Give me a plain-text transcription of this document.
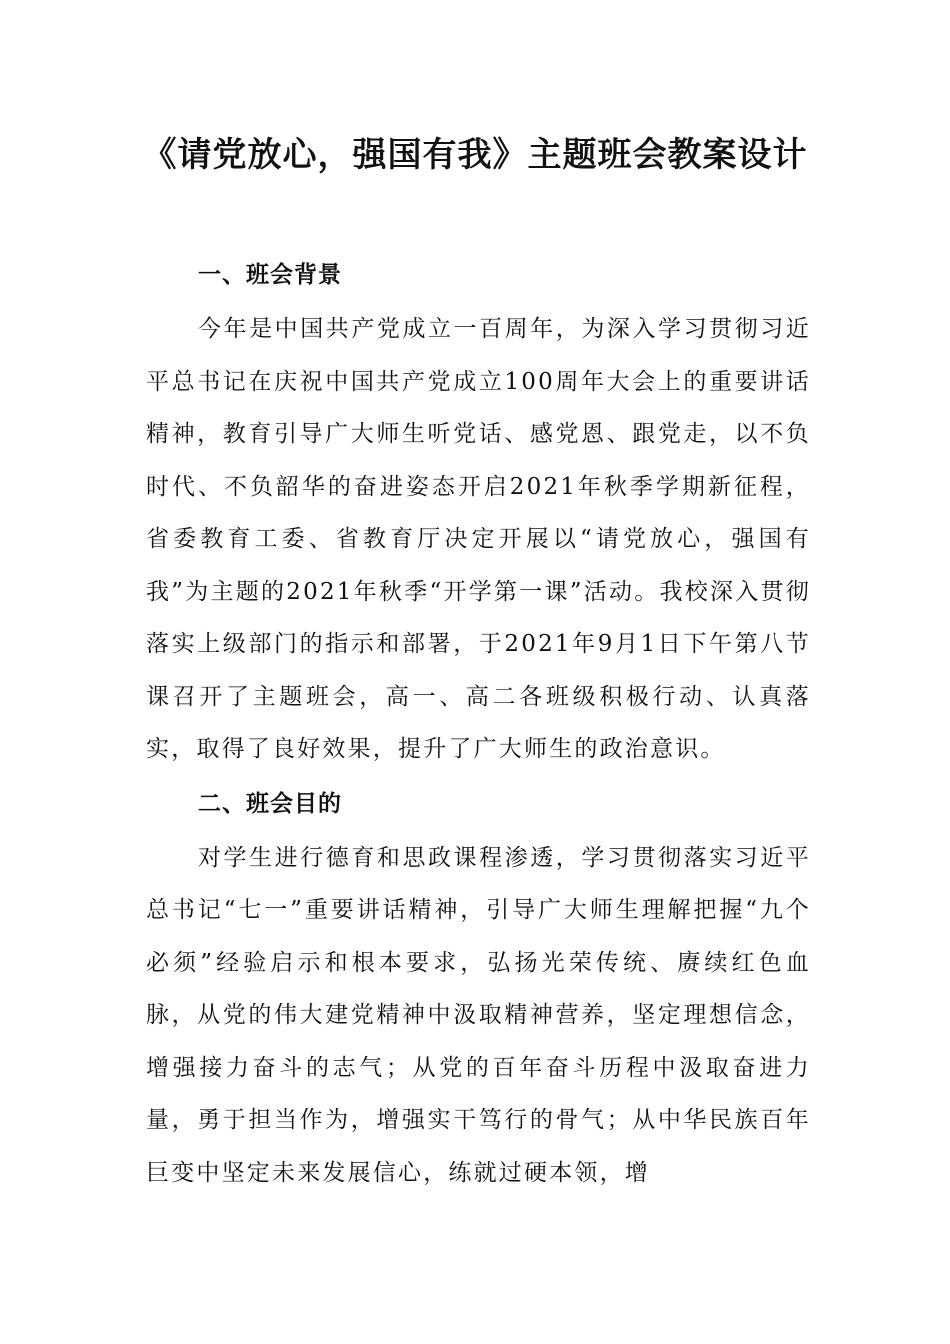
《请党放心，强国有我》主题班会教案设计
一、班会背景

今年是中国共产党成立一百周年，为深入学习贯彻习近平总书记在庆祝中国共产党成立100周年大会上的重要讲话精神，教育引导广大师生听党话、感党恩、跟党走，以不负时代、不负韶华的奋进姿态开启2021年秋季学期新征程，省委教育工委、省教育厅决定开展以“请党放心，强国有我”为主题的2021年秋季“开学第一课”活动。我校深入贯彻落实上级部门的指示和部署，于2021年9月1日下午第八节课召开了主题班会，高一、高二各班级积极行动、认真落实，取得了良好效果，提升了广大师生的政治意识。

二、班会目的

对学生进行德育和思政课程渗透，学习贯彻落实习近平总书记“七一”重要讲话精神，引导广大师生理解把握“九个必须”经验启示和根本要求，弘扬光荣传统、赓续红色血脉，从党的伟大建党精神中汲取精神营养，坚定理想信念，增强接力奋斗的志气；从党的百年奋斗历程中汲取奋进力量，勇于担当作为，增强实干笃行的骨气；从中华民族百年巨变中坚定未来发展信心，练就过硬本领，增
